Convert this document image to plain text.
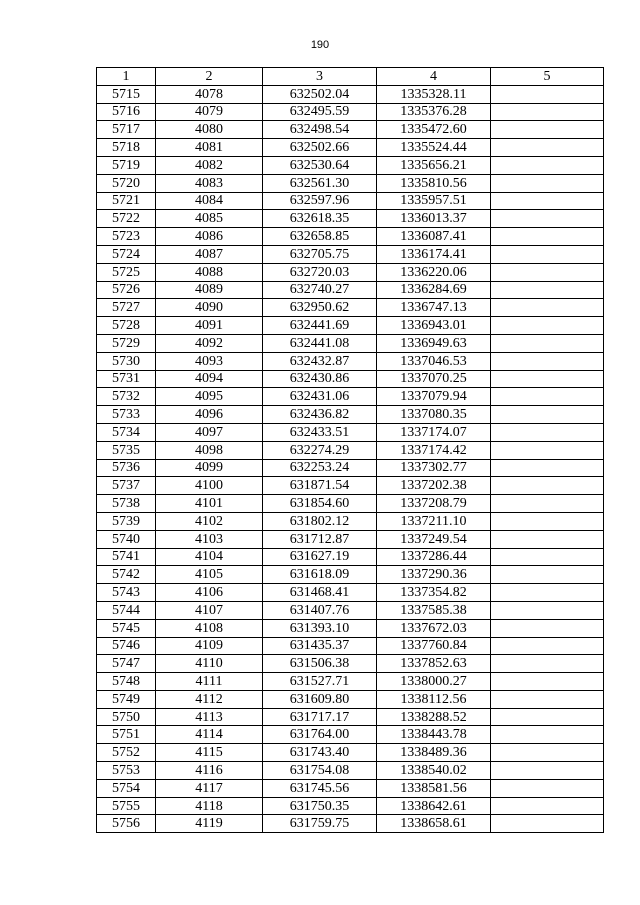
190
1	2	3	4	5
5715	4078	632502.04	1335328.11	
5716	4079	632495.59	1335376.28	
5717	4080	632498.54	1335472.60	
5718	4081	632502.66	1335524.44	
5719	4082	632530.64	1335656.21	
5720	4083	632561.30	1335810.56	
5721	4084	632597.96	1335957.51	
5722	4085	632618.35	1336013.37	
5723	4086	632658.85	1336087.41	
5724	4087	632705.75	1336174.41	
5725	4088	632720.03	1336220.06	
5726	4089	632740.27	1336284.69	
5727	4090	632950.62	1336747.13	
5728	4091	632441.69	1336943.01	
5729	4092	632441.08	1336949.63	
5730	4093	632432.87	1337046.53	
5731	4094	632430.86	1337070.25	
5732	4095	632431.06	1337079.94	
5733	4096	632436.82	1337080.35	
5734	4097	632433.51	1337174.07	
5735	4098	632274.29	1337174.42	
5736	4099	632253.24	1337302.77	
5737	4100	631871.54	1337202.38	
5738	4101	631854.60	1337208.79	
5739	4102	631802.12	1337211.10	
5740	4103	631712.87	1337249.54	
5741	4104	631627.19	1337286.44	
5742	4105	631618.09	1337290.36	
5743	4106	631468.41	1337354.82	
5744	4107	631407.76	1337585.38	
5745	4108	631393.10	1337672.03	
5746	4109	631435.37	1337760.84	
5747	4110	631506.38	1337852.63	
5748	4111	631527.71	1338000.27	
5749	4112	631609.80	1338112.56	
5750	4113	631717.17	1338288.52	
5751	4114	631764.00	1338443.78	
5752	4115	631743.40	1338489.36	
5753	4116	631754.08	1338540.02	
5754	4117	631745.56	1338581.56	
5755	4118	631750.35	1338642.61	
5756	4119	631759.75	1338658.61	
